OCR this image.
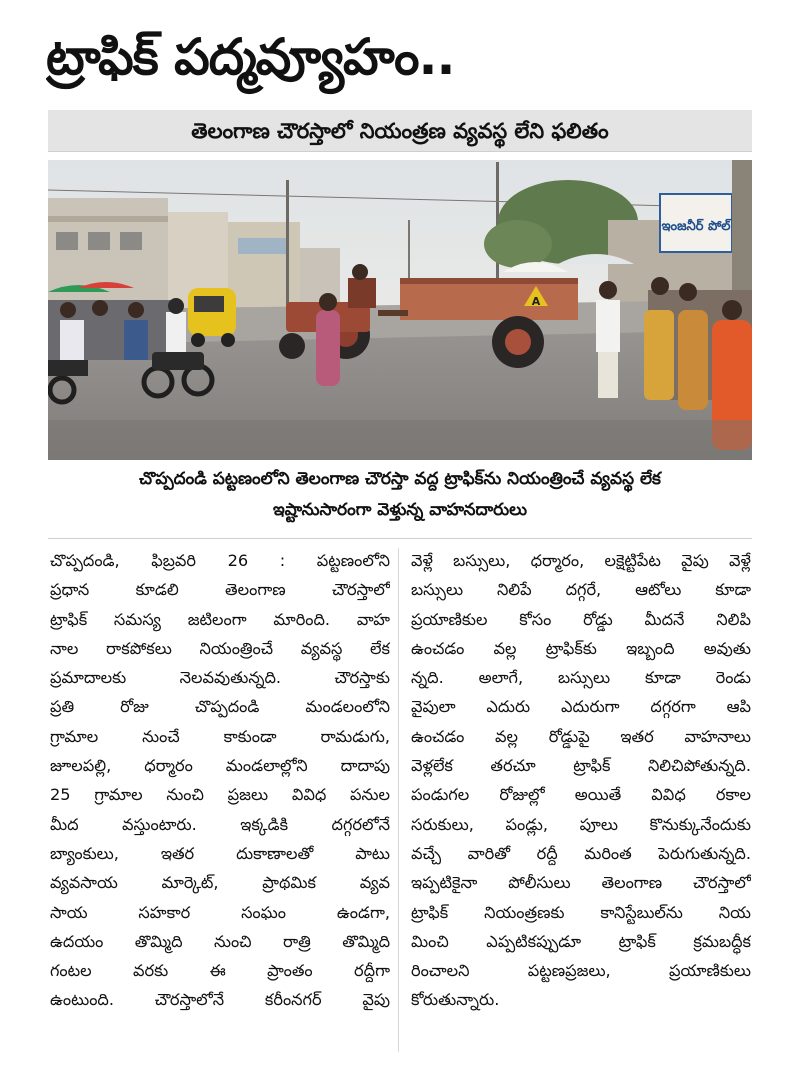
ట్రాఫిక్ పద్మవ్యూహం..
తెలంగాణ చౌరస్తాలో నియంత్రణ వ్యవస్థ లేని ఫలితం
ఇంజనీర్ పోల్
A
చొప్పదండి పట్టణంలోని తెలంగాణ చౌరస్తా వద్ద ట్రాఫిక్‌ను నియంత్రించే వ్యవస్థ లేక
ఇష్టానుసారంగా వెళ్తున్న వాహనదారులు
చొప్పదండి, ఫిబ్రవరి 26 : పట్టణంలోని
ప్రధాన కూడలి తెలంగాణ చౌరస్తాలో
ట్రాఫిక్ సమస్య జటిలంగా మారింది. వాహ
నాల రాకపోకలు నియంత్రించే వ్యవస్థ లేక
ప్రమాదాలకు నెలవవుతున్నది. చౌరస్తాకు
ప్రతి రోజు చొప్పదండి మండలంలోని
గ్రామాల నుంచే కాకుండా రామడుగు,
జూలపల్లి, ధర్మారం మండలాల్లోని దాదాపు
25 గ్రామాల నుంచి ప్రజలు వివిధ పనుల
మీద వస్తుంటారు. ఇక్కడికి దగ్గరలోనే
బ్యాంకులు, ఇతర దుకాణాలతో పాటు
వ్యవసాయ మార్కెట్, ప్రాథమిక వ్యవ
సాయ సహకార సంఘం ఉండగా,
ఉదయం తొమ్మిది నుంచి రాత్రి తొమ్మిది
గంటల వరకు ఈ ప్రాంతం రద్దీగా
ఉంటుంది. చౌరస్తాలోనే కరీంనగర్ వైపు
వెళ్లే బస్సులు, ధర్మారం, లక్షెట్టిపేట వైపు వెళ్లే
బస్సులు నిలిపే దగ్గరే, ఆటోలు కూడా
ప్రయాణికుల కోసం రోడ్డు మీదనే నిలిపి
ఉంచడం వల్ల ట్రాఫిక్‌కు ఇబ్బంది అవుతు
న్నది. అలాగే, బస్సులు కూడా రెండు
వైపులా ఎదురు ఎదురుగా దగ్గరగా ఆపి
ఉంచడం వల్ల రోడ్డుపై ఇతర వాహనాలు
వెళ్లలేక తరచూ ట్రాఫిక్ నిలిచిపోతున్నది.
పండుగల రోజుల్లో అయితే వివిధ రకాల
సరుకులు, పండ్లు, పూలు కొనుక్కునేందుకు
వచ్చే వారితో రద్దీ మరింత పెరుగుతున్నది.
ఇప్పటికైనా పోలీసులు తెలంగాణ చౌరస్తాలో
ట్రాఫిక్ నియంత్రణకు కానిస్టేబుల్‌ను నియ
మించి ఎప్పటికప్పుడూ ట్రాఫిక్ క్రమబద్ధీక
రించాలని పట్టణప్రజలు, ప్రయాణికులు
కోరుతున్నారు.
